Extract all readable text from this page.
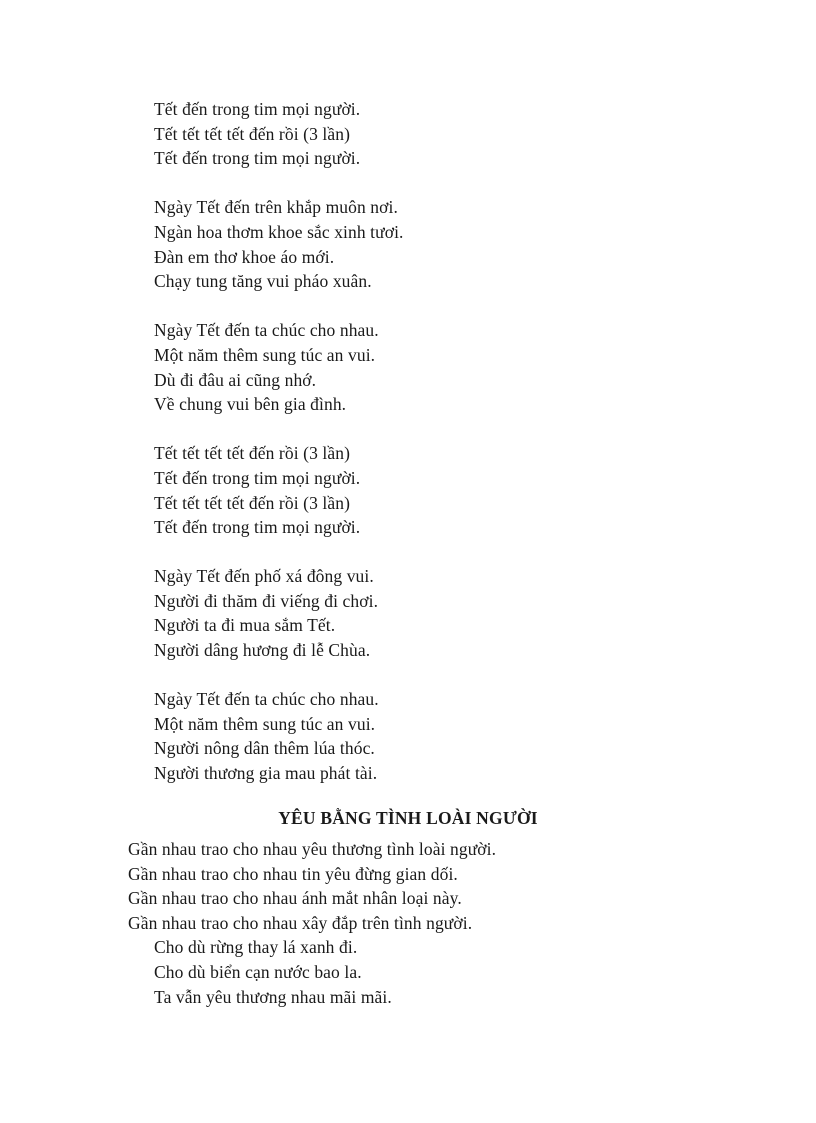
Tết đến trong tim mọi người.
Tết tết tết tết đến rồi (3 lần)
Tết đến trong tim mọi người.
Ngày Tết đến trên khắp muôn nơi.
Ngàn hoa thơm khoe sắc xinh tươi.
Đàn em thơ khoe áo mới.
Chạy tung tăng vui pháo xuân.
Ngày Tết đến ta chúc cho nhau.
Một năm thêm sung túc an vui.
Dù đi đâu ai cũng nhớ.
Về chung vui bên gia đình.
Tết tết tết tết đến rồi (3 lần)
Tết đến trong tim mọi người.
Tết tết tết tết đến rồi (3 lần)
Tết đến trong tim mọi người.
Ngày Tết đến phố xá đông vui.
Người đi thăm đi viếng đi chơi.
Người ta đi mua sắm Tết.
Người dâng hương đi lễ Chùa.
Ngày Tết đến ta chúc cho nhau.
Một năm thêm sung túc an vui.
Người nông dân thêm lúa thóc.
Người thương gia mau phát tài.
YÊU BẰNG TÌNH LOÀI NGƯỜI
Gần nhau trao cho nhau yêu thương tình loài người.
Gần nhau trao cho nhau tin yêu đừng gian dối.
Gần nhau trao cho nhau ánh mắt nhân loại này.
Gần nhau trao cho nhau xây đắp trên tình người.
Cho dù rừng thay lá xanh đi.
Cho dù biển cạn nước bao la.
Ta vẫn yêu thương nhau mãi mãi.
